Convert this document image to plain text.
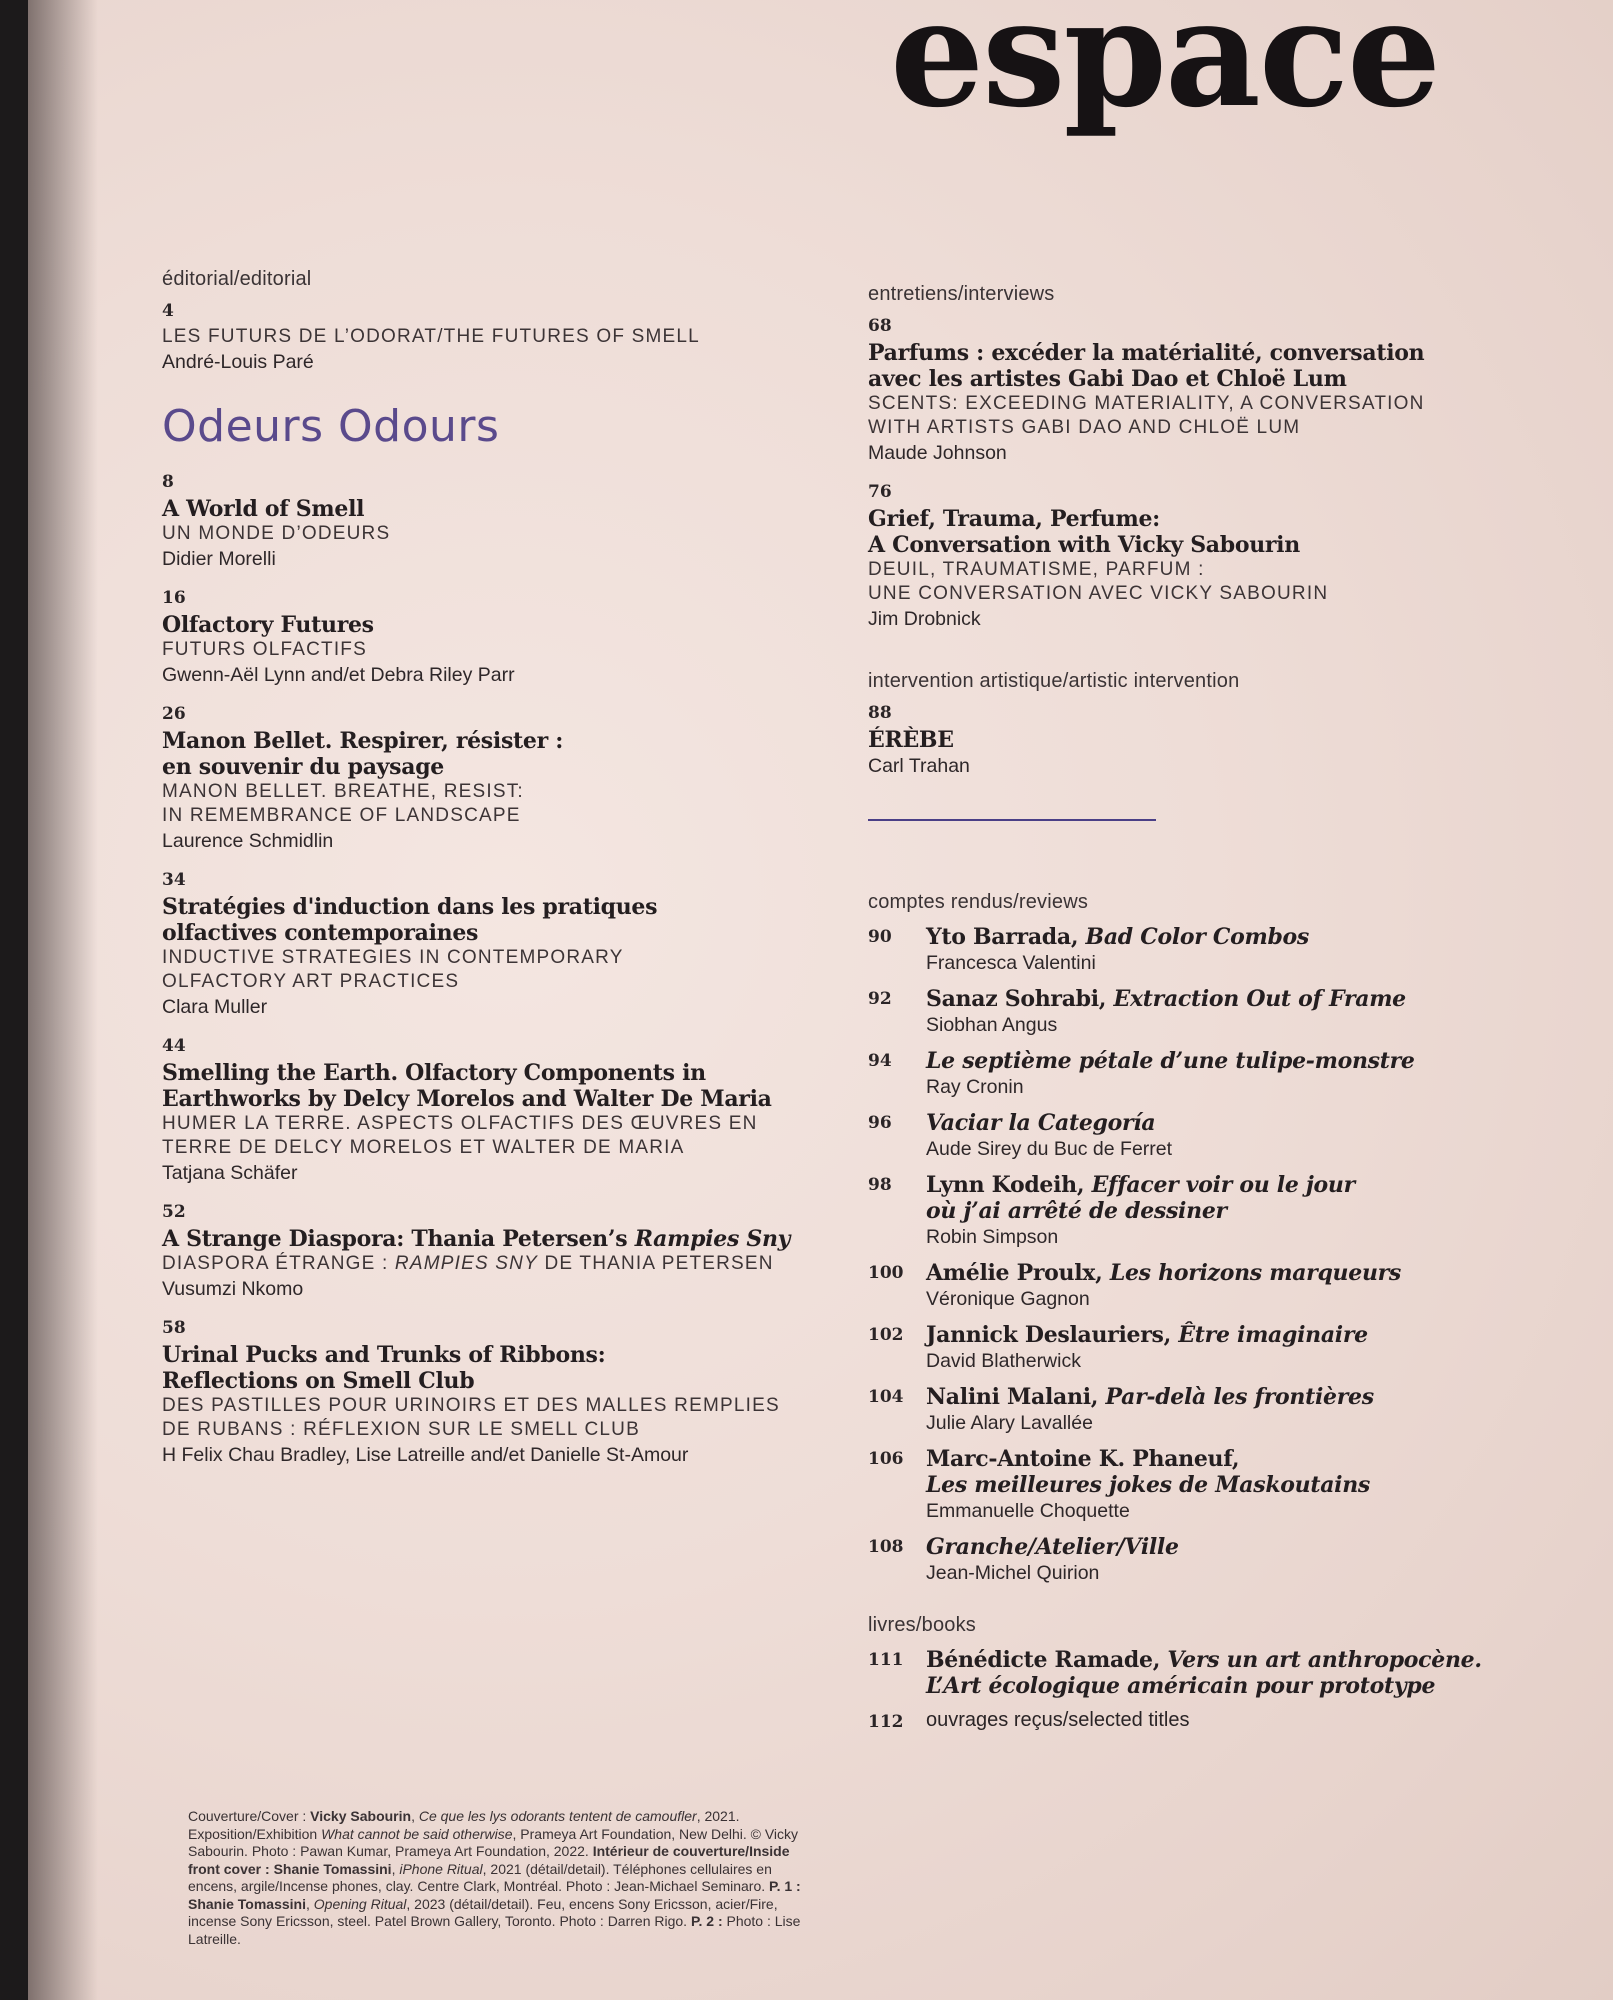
espace
éditorial/editorial
4
LES FUTURS DE L’ODORAT/THE FUTURES OF SMELL
André-Louis Paré
Odeurs Odours
8
A World of Smell
UN MONDE D’ODEURS
Didier Morelli
16
Olfactory Futures
FUTURS OLFACTIFS
Gwenn-Aël Lynn and/et Debra Riley Parr
26
Manon Bellet. Respirer, résister :
en souvenir du paysage
MANON BELLET. BREATHE, RESIST:
IN REMEMBRANCE OF LANDSCAPE
Laurence Schmidlin
34
Stratégies d'induction dans les pratiques
olfactives contemporaines
INDUCTIVE STRATEGIES IN CONTEMPORARY
OLFACTORY ART PRACTICES
Clara Muller
44
Smelling the Earth. Olfactory Components in
Earthworks by Delcy Morelos and Walter De Maria
HUMER LA TERRE. ASPECTS OLFACTIFS DES ŒUVRES EN
TERRE DE DELCY MORELOS ET WALTER DE MARIA
Tatjana Schäfer
52
A Strange Diaspora: Thania Petersen’s Rampies Sny
DIASPORA ÉTRANGE : RAMPIES SNY DE THANIA PETERSEN
Vusumzi Nkomo
58
Urinal Pucks and Trunks of Ribbons:
Reflections on Smell Club
DES PASTILLES POUR URINOIRS ET DES MALLES REMPLIES
DE RUBANS : RÉFLEXION SUR LE SMELL CLUB
H Felix Chau Bradley, Lise Latreille and/et Danielle St-Amour
entretiens/interviews
68
Parfums : excéder la matérialité, conversation
avec les artistes Gabi Dao et Chloë Lum
SCENTS: EXCEEDING MATERIALITY, A CONVERSATION
WITH ARTISTS GABI DAO AND CHLOË LUM
Maude Johnson
76
Grief, Trauma, Perfume:
A Conversation with Vicky Sabourin
DEUIL, TRAUMATISME, PARFUM :
UNE CONVERSATION AVEC VICKY SABOURIN
Jim Drobnick
intervention artistique/artistic intervention
88
ÉRÈBE
Carl Trahan
comptes rendus/reviews
90	Yto Barrada, Bad Color Combos
Francesca Valentini
92	Sanaz Sohrabi, Extraction Out of Frame
Siobhan Angus
94	Le septième pétale d’une tulipe-monstre
Ray Cronin
96	Vaciar la Categoría
Aude Sirey du Buc de Ferret
98	Lynn Kodeih, Effacer voir ou le jour
où j’ai arrêté de dessiner
Robin Simpson
100	Amélie Proulx, Les horizons marqueurs
Véronique Gagnon
102	Jannick Deslauriers, Être imaginaire
David Blatherwick
104	Nalini Malani, Par-delà les frontières
Julie Alary Lavallée
106	Marc-Antoine K. Phaneuf,
Les meilleures jokes de Maskoutains
Emmanuelle Choquette
108	Granche/Atelier/Ville
Jean-Michel Quirion
livres/books
111	Bénédicte Ramade, Vers un art anthropocène.
L’Art écologique américain pour prototype
112	ouvrages reçus/selected titles
Couverture/Cover : Vicky Sabourin, Ce que les lys odorants tentent de camoufler, 2021. Exposition/Exhibition What cannot be said otherwise, Prameya Art Foundation, New Delhi. © Vicky Sabourin. Photo : Pawan Kumar, Prameya Art Foundation, 2022. Intérieur de couverture/Inside front cover : Shanie Tomassini, iPhone Ritual, 2021 (détail/detail). Téléphones cellulaires en encens, argile/Incense phones, clay. Centre Clark, Montréal. Photo : Jean-Michael Seminaro. P. 1 : Shanie Tomassini, Opening Ritual, 2023 (détail/detail). Feu, encens Sony Ericsson, acier/Fire, incense Sony Ericsson, steel. Patel Brown Gallery, Toronto. Photo : Darren Rigo. P. 2 : Photo : Lise Latreille.
